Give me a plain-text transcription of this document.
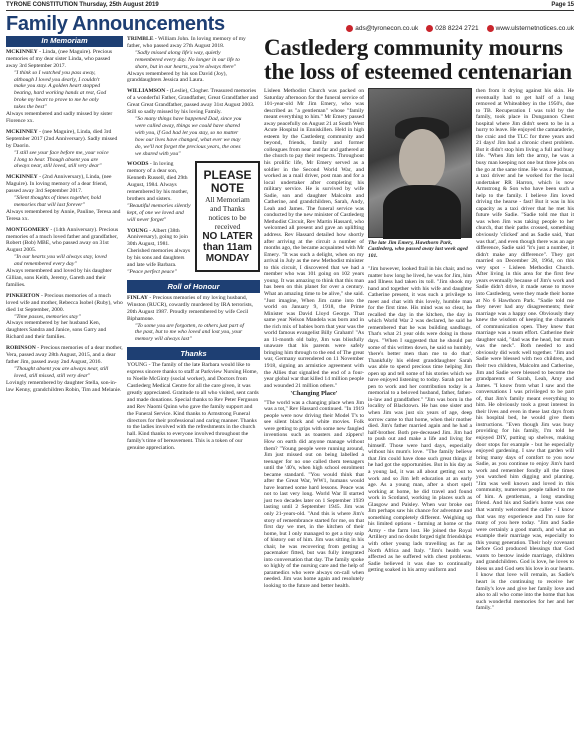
TYRONE CONSTITUTION Thursday, 25th August 2019	Page 15
Family Announcements	ads@tyronecon.co.uk	028 8224 2721	www.ulsternetnotices.co.uk
In Memoriam
MCKINNEY - Linda, (nee Maguire). Precious memories of my dear sister Linda, who passed away 3rd September 2017.
"I think so I watched you pass away, although I loved you dearly, I couldn't make you stay. A golden heart stopped beating, hard working hands at rest, God broke my heart to prove to me he only takes the best"
Always remembered and sadly missed by sister Florence xx.
MCKINNEY - (nee Maguire), Linda, died 3rd September 2017 (2nd Anniversary). Sadly missed by Daorin.
"I still see your face before me, your voice I long to hear. Though absent you are always near, still loved, still very dear"
MCKINNEY - (2nd Anniversary), Linda, (nee Maguire). In loving memory of a dear friend, passed away 3rd September 2017.
"Silent thoughts of times together, hold memories that will last forever"
Always remembered by Annie, Pauline, Teresa and Teresa xx.
MONTGOMERY - (14th Anniversary). Precious memories of a much loved father and grandfather, Robert (Bob) MBE, who passed away on 31st August 2005.
"In our hearts you will always stay, loved and remembered every day"
Always remembered and loved by his daughter Gillian, sons Keith, Jeremy, Gareth and their families.
PINKERTON - Precious memories of a much loved wife and mother, Rebecca Isobel (Ruby), who died 1st September, 2000.
"Time passes, memories stay"
Always remembered by her husband Ken, daughters Sandra and Janice, sons Garry and Richard and their families.
ROBINSON - Precious memories of a dear mother, Vera, passed away 28th August, 2015, and a dear father Jim, passed away 2nd August, 2016.
"Thought absent you are always near, still loved, still missed, still very dear"
Lovingly remembered by daughter Stella, son-in-law Kenny, grandchildren Robin, Tim and Melanie.
TRIMBLE - William John. In loving memory of my father, who passed away 27th August 2018.
"Sadly missed along life's way, quietly remembered every day. No longer in our life to share, but in our hearts, you're always there"
Always remembered by his son David (Joy), granddaughters Jessica and Laura.
WILLIAMSON - (Leslie), Clogher. Treasured memories of a wonderful Father, Grandfather, Great Grandfather and Great Great Grandfather, passed away 31st August 2003. Still so sadly missed by his loving Family.
"So many things have happened Dad, since you were called away, things we could have shared with you, if God had let you stay, so no matter how our lives have changed, what ever we may do, we'll not forget the precious years, the ones we shared with you"
WOODS - In loving memory of a dear son, Kenneth Russell, died 29th August, 1984. Always remembered by his mother, brothers and sisters.
"Beautiful memories silently kept, of one we loved and will never forget"
YOUNG - Albert (38th Anniversary), going to join 30th August, 1981. Cherished memories always by his sons and daughters and late wife Barbara.
"Peace perfect peace"
PLEASE NOTE
All Memoriam and Thanks notices to be received
NO LATER
than 11am MONDAY
Roll of Honour
FINLAY - Precious memories of my loving husband, Winston (RUCR), cowardly murdered by IRA terrorists, 20th August 1987. Proudly remembered by wife Cecil Biphamone.
"To some you are forgotten, to others just part of the past, but to me who loved and lost you, your memory will always last"
Thanks
YOUNG - The family of the late Barbara would like to express sincere thanks to staff at Parkview Nursing Home, to Noelle McGinty (social worker), and Doctors from Castlederg Medical Centre for all the care given, it was greatly appreciated. Gratitude to all who visited, sent cards and made donations. Special thanks to Rev Peter Ferguson and Rev Naomi Quinn who gave the family support and the Funeral Service. Kind thanks to Armstrong Funeral directors for their professional and caring manner. Thanks to the ladies involved with the refreshments in the church hall. Kind thanks to everyone involved throughout the family's time of bereavement. This is a token of our genuine appreciation.
Castlederg community mourns the loss of esteemed centenarian
Lisleen Methodist Church was packed on Saturday afternoon for the funeral service of 101-year-old Mr Jim Emery, who was described as "a gentleman" whose "family meant everything to him." Mr Emery passed away peacefully on August 21 at South West Acute Hospital in Enniskillen. Held in high esteem by the Castlederg community and beyond, friends, family and former colleagues from near and far and gathered at the church to pay their respects. Throughout his prolific life, Mr Emery served as a soldier in the Second World War, and worked as a mail driver, post man and for a local undertaker after completing his military service. He is survived by wife Sadie, son and daughter Malcolm and Catherine, and grandchildren, Sarah, Andy, Leah and James. The funeral service was conducted by the new minister of Castlederg Methodist Circuit, Rev Martin Hassard, who welcomed all present and gave an uplifting address. Rev Hassard detailed how shortly after arriving at the circuit a number of months ago, the became acquainted with Mr Emery. "It was such a delight, when on my arrival in July as the new Methodist minister to this circuit, I discovered that we had a member who was 101 going on 102 years young. It was amazing to think that this man has been on this planet for over a century. What an amazing time to be alive," she said. "Just imagine, When Jim came into the world on January 9, 1918, the Prime Minister was David Lloyd George. That same year Nelson Mandela was born and in the rich mix of babies born that year was the world famous evangelist Billy Graham! "As an 11-month old baby, Jim was blissfully unaware that his parents were safely bringing him through to the end of The great war, Germany surrendered on 11 November 1918, signing an armistice agreement with the Allies that signalled the end of a four-year global war that killed 14 million people and wounded 21 million others."
'Changing Place'
"The world was a changing place when Jim was a tot," Rev Hassard continued. "In 1919 people were now driving their Model T's to see silent black and white movies. Folk were getting to grips with some new fangled inventions such as toasters and zippers! How on earth did anyone manage without them? "Young people were running around, Jim just missed out on being labelled a teenager for no one called them teenagers until the '40's, when high school enrolment became standard. "You would think that after the Great War, WW1, humans would have learned some hard lessons. Peace was not to last very long. World War II started just two decades later on 1 September 1939 lasting until 2 September 1945. Jim was only 21-years-old. "And this is where Jim's story of remembrance started for me, on that first day we met, in the kitchen of their home, but I only managed to get a tiny snip of history out of him. Jim was sitting in his chair, he was recovering from getting a pacemaker fitted, but was fully integrated into conversation that day. The family spoke so highly of the nursing care and the help of paramedics who were always on-call when needed. Jim was home again and resolutely looking to the future and better health.
The late Jim Emery, Hawthorn Park, Castlederg, who passed away last week aged 101.
"Jim however, looked frail in his chair, and no matter how long he lived, he was for Jim, him and Illness had taken its toll. "Jim shook my hand and together with his wife and daughter Catherine present, it was such a privilege to meet and chat with this lovely, humble man for the first time. His mind was so clear, he recalled the day in the kitchen, the day in which World War 2 was declared, he said he remembered that he was building sandbags. That's what 21 year olds were doing in those days. "When I suggested that he should put some of this written down, he said so humbly, 'there's better men than me to do that'. Thankfully his eldest granddaughter Sarah was able to spend precious time helping Jim open up and tell some of his stories which we have enjoyed listening to today. Sarah put her pen to work and her contribution today is a memorial to a beloved husband, father, father-in-law and grandfather." "Jim was born in the locality of Blacktown. He has one sister and when Jim was just six years of age, deep sorrow came to that home, when their mother died. Jim's father married again and he had a half-brother. Both pre-deceased Jim. Jim had to push out and make a life and living for himself. Those were hard days, especially without his mum's love. "The family believe that Jim could have done such great things if he had got the opportunities. But in his day as a young lad, it was all about getting out to work and so Jim left education at an early age. As a young man, after a short spell working at home, he did travel and found work in Scotland, working in places such as Glasgow and Paisley. When war broke out Jim perhaps saw his chance for adventure and something completely different. Weighing up his limited options - farming at home or the Army - the farm lost. He joined the Royal Artillery and no doubt forged tight friendships with other young lads travelling as far as North Africa and Italy. "Jim's health was affected as he suffered with chest problems. Sadie believed it was due to continually getting soaked in his army uniform and
then from it drying against his skin. He eventually had to get half of a lung removed at Whiteabbey in the 1950's, due to TB. Recuperation I was told by the family, took place in Dungannon Chest hospital where Jim didn't seem to be in a hurry to leave. He enjoyed the camaraderie, the craic and the TLC for three years and 21 days! Jim had a chronic chest problem. But it didn't stop him living a full and busy life. "When Jim left the army, he was a busy man keeping not one but three jobs on the go at the same time. He was a Postman, a taxi driver and he worked for the local undertaker RR Harron, which is now Armstrong & Son who have been such a help to the family. I believe Jim loved driving the hearse - fast! But it was in his capacity as a taxi driver that he met his future wife Sadie. "Sadie told me that it was when Jim was taking people to her church, that their paths crossed, something obviously 'clicked' and as Sadie said, 'that was that', and even though there was an age difference, Sadie said "it's just a number, it didn't make any difference". They got married on December 28, 1964, on this very spot - Lisleen Methodist Church. After living in this area for the first few years eventually because of Jim's work and Sadie didn't drive, it made sense to move into Castlederg, were they made their home at No 6 Hawthorn Park. "Sadie told me they never had any disagreements; their marriage was a happy one. Obviously they knew the wisdom of keeping the channels of communication open. They knew that marriage was a team effort. Catherine their daughter said, "dad was the head, but mum was the neck". Both needed to and obviously did work well together. "Jim and Sadie were blessed with two children, and their two children, Malcolm and Catherine, Jim and Sadie were blessed to become the grandparents of Sarah, Leah, Amy and James. "I know from what I saw and the conversations I was privileged to be part of, that Jim's family meant everything to him. He obviously took a great interest in their lives and even in these last days from his hospital bed, he would give them instructions. "Even though Jim was busy providing for his family, I'm told he enjoyed DIY, putting up shelves, making door stops for example - but he especially enjoyed gardening. I saw that garden will bring many days of comfort to you now Sadie, as you continue to enjoy Jim's hard work and remember fondly all the times you watched him digging and planting. "Jim was well known and loved in this community, numerous people talked to me of him. A gentleman, a long standing friend. And his and Sadie's home was one that warmly welcomed the caller - I know that was my experience and I'm sure for many of you here today. "Jim and Sadie were certainly a good match, and what an example their marriage was, especially to this young generation. Their holy covenant before God produced blessings that God wants to bestow inside marriage, children and grandchildren. God is love, he loves to bless us and God sets his love in our hearts. I know that love will remain, as Sadie's heart is the continuing to receive her family's love and give her family love and also to all who come into the home that has such wonderful memories for her and her family."
